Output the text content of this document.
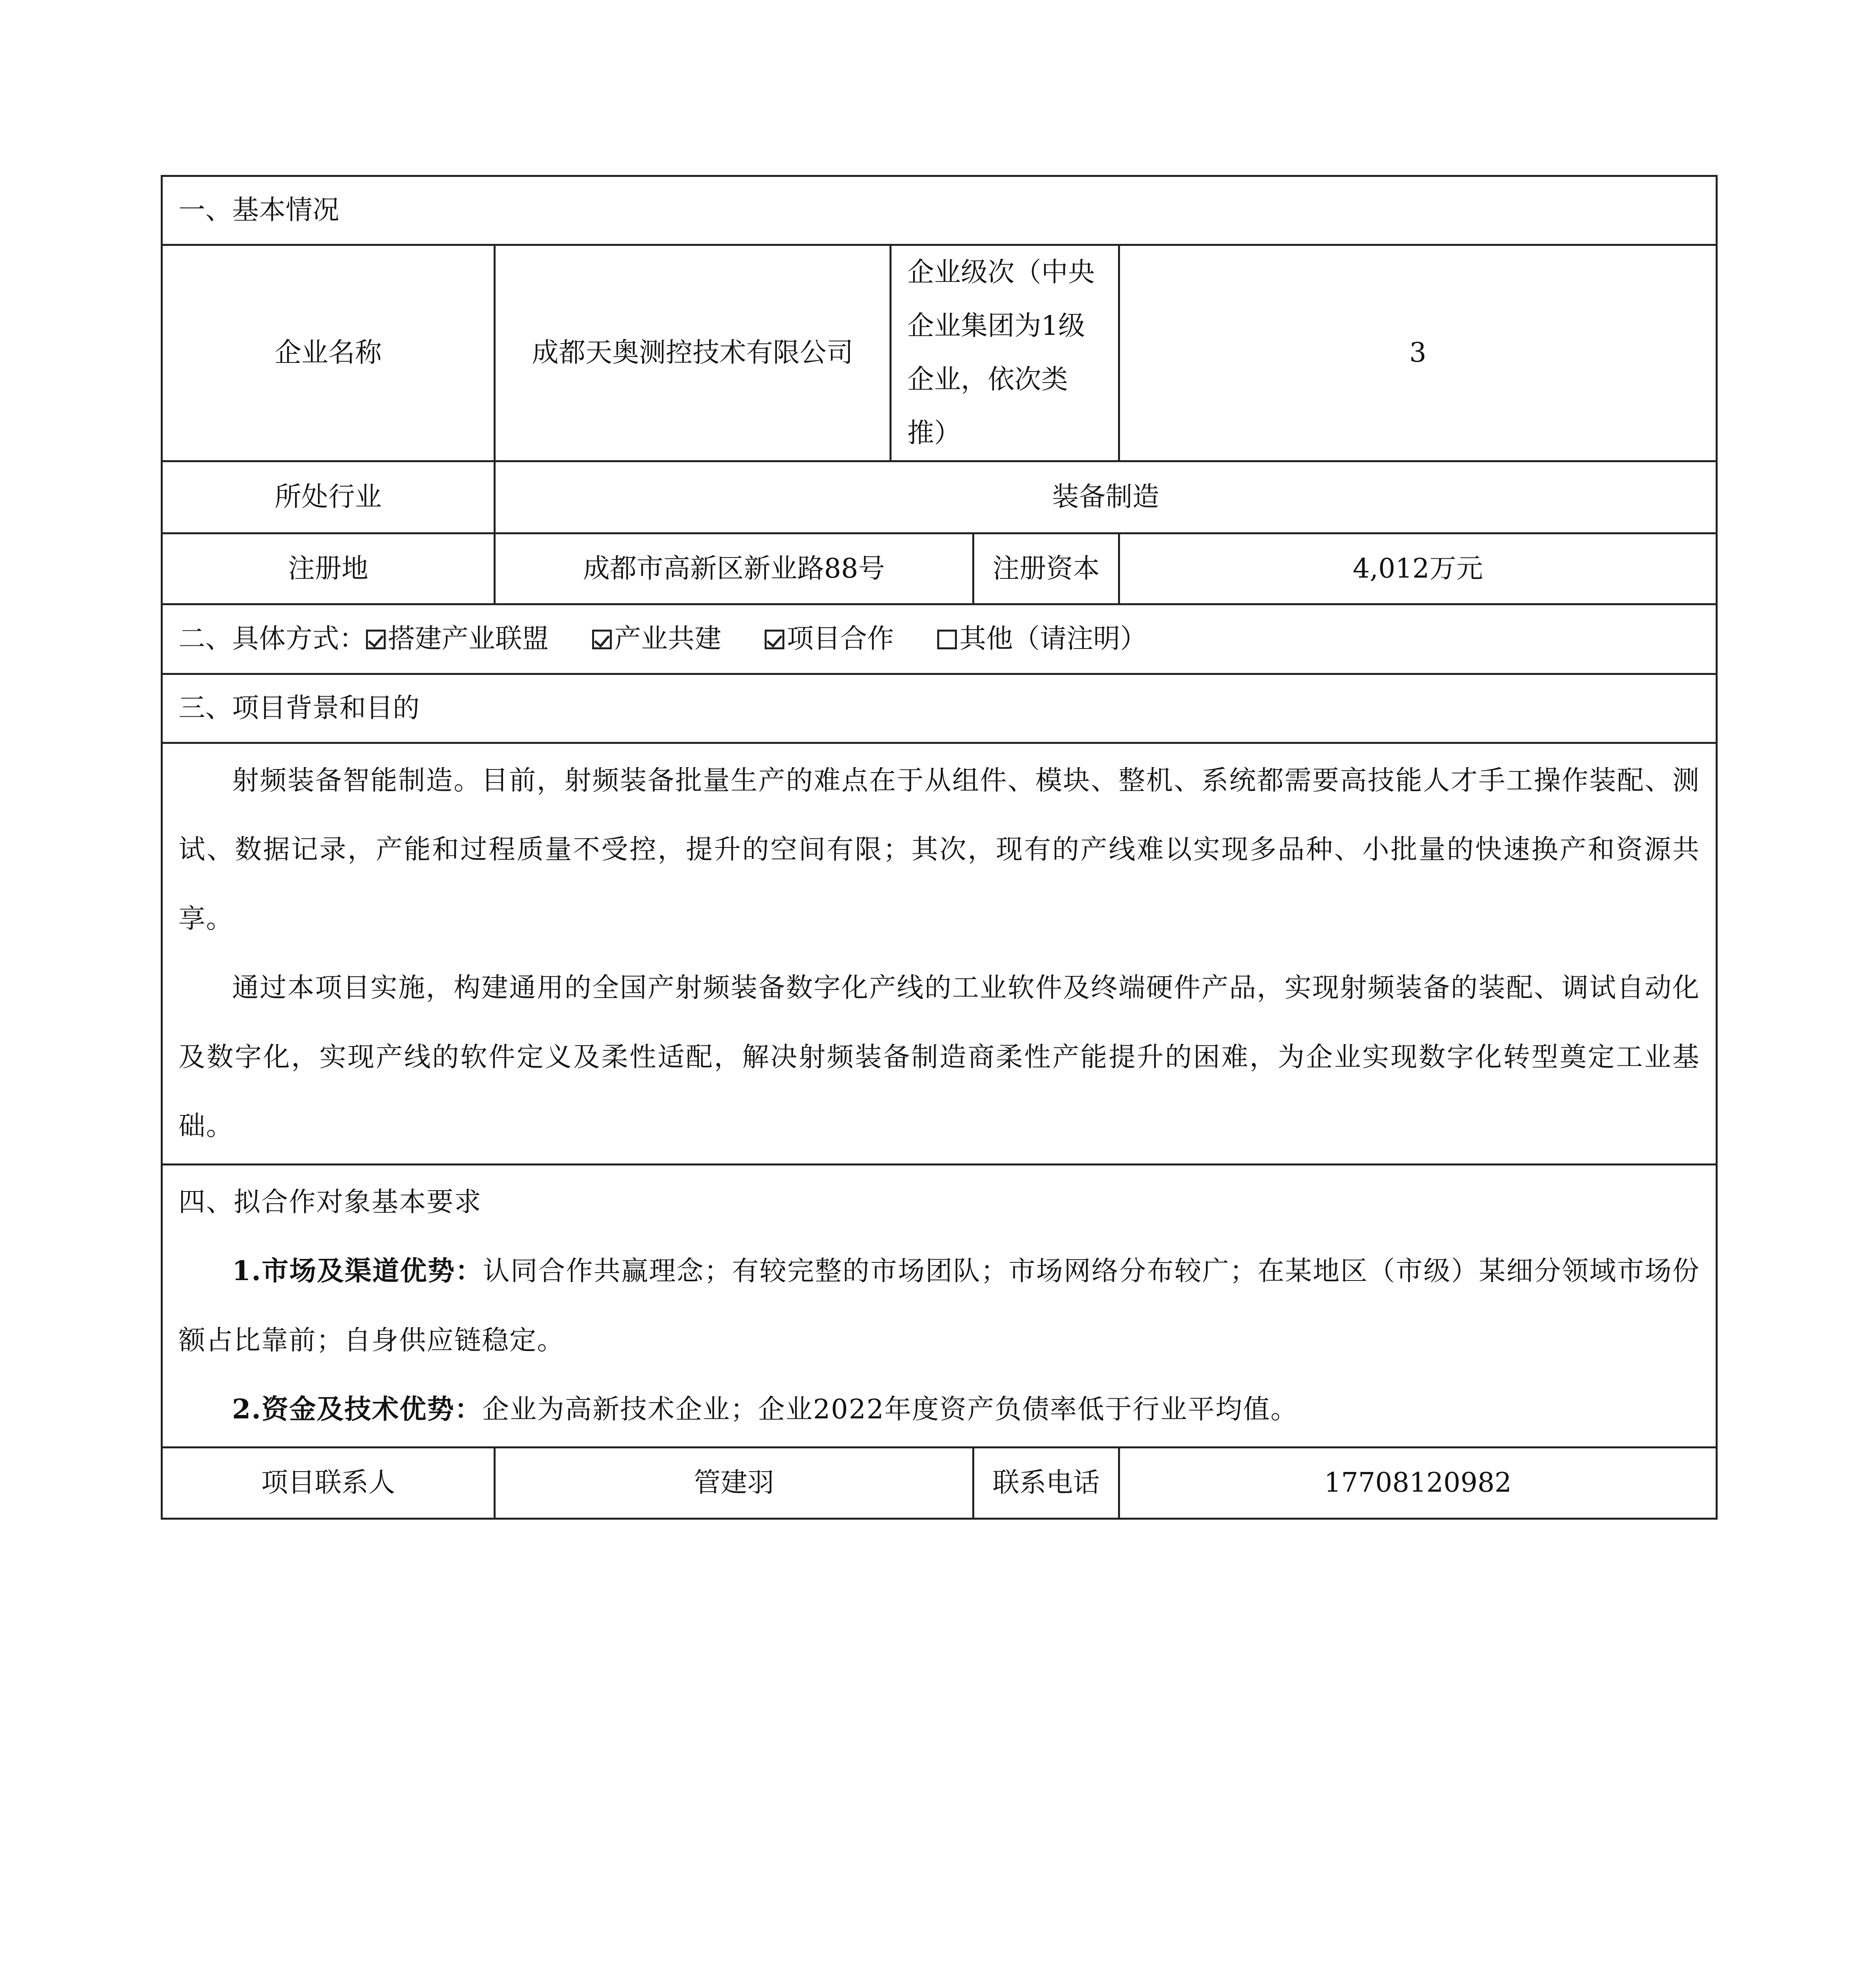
一、基本情况				
企业名称	成都天奥测控技术有限公司	企业级次（中央企业集团为1级企业，依次类推）		3
所处行业	装备制造			
注册地	成都市高新区新业路88号		注册资本	4,012万元
二、具体方式： 搭建产业联盟 产业共建 项目合作 其他（请注明）				
三、项目背景和目的				

射频装备智能制造。目前，射频装备批量生产的难点在于从组件、模块、整机、系统都需要高技能人才手工操作装配、测试、数据记录，产能和过程质量不受控，提升的空间有限；其次，现有的产线难以实现多品种、小批量的快速换产和资源共享。

通过本项目实施，构建通用的全国产射频装备数字化产线的工业软件及终端硬件产品，实现射频装备的装配、调试自动化及数字化，实现产线的软件定义及柔性适配，解决射频装备制造商柔性产能提升的困难，为企业实现数字化转型奠定工业基础。				

四、拟合作对象基本要求

1.市场及渠道优势：认同合作共赢理念；有较完整的市场团队；市场网络分布较广；在某地区（市级）某细分领域市场份额占比靠前；自身供应链稳定。

2.资金及技术优势：企业为高新技术企业；企业2022年度资产负债率低于行业平均值。				

项目联系人	管建羽		联系电话	17708120982
